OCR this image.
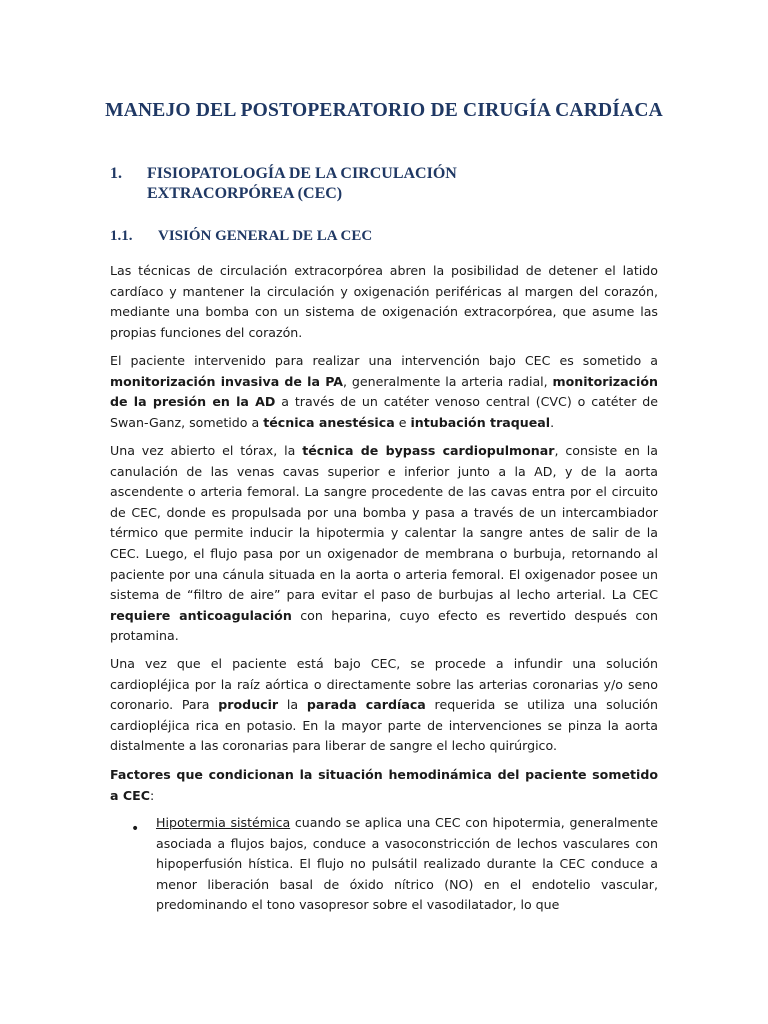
MANEJO DEL POSTOPERATORIO DE CIRUGÍA CARDÍACA
1. FISIOPATOLOGÍA DE LA CIRCULACIÓN EXTRACORPÓREA (CEC)
1.1. VISIÓN GENERAL DE LA CEC
Las técnicas de circulación extracorpórea abren la posibilidad de detener el latido cardíaco y mantener la circulación y oxigenación periféricas al margen del corazón, mediante una bomba con un sistema de oxigenación extracorpórea, que asume las propias funciones del corazón.
El paciente intervenido para realizar una intervención bajo CEC es sometido a monitorización invasiva de la PA, generalmente la arteria radial, monitorización de la presión en la AD a través de un catéter venoso central (CVC) o catéter de Swan-Ganz, sometido a técnica anestésica e intubación traqueal.
Una vez abierto el tórax, la técnica de bypass cardiopulmonar, consiste en la canulación de las venas cavas superior e inferior junto a la AD, y de la aorta ascendente o arteria femoral. La sangre procedente de las cavas entra por el circuito de CEC, donde es propulsada por una bomba y pasa a través de un intercambiador térmico que permite inducir la hipotermia y calentar la sangre antes de salir de la CEC. Luego, el flujo pasa por un oxigenador de membrana o burbuja, retornando al paciente por una cánula situada en la aorta o arteria femoral. El oxigenador posee un sistema de “filtro de aire” para evitar el paso de burbujas al lecho arterial. La CEC requiere anticoagulación con heparina, cuyo efecto es revertido después con protamina.
Una vez que el paciente está bajo CEC, se procede a infundir una solución cardiopléjica por la raíz aórtica o directamente sobre las arterias coronarias y/o seno coronario. Para producir la parada cardíaca requerida se utiliza una solución cardiopléjica rica en potasio. En la mayor parte de intervenciones se pinza la aorta distalmente a las coronarias para liberar de sangre el lecho quirúrgico.
Factores que condicionan la situación hemodinámica del paciente sometido a CEC:
•	Hipotermia sistémica cuando se aplica una CEC con hipotermia, generalmente asociada a flujos bajos, conduce a vasoconstricción de lechos vasculares con hipoperfusión hística. El flujo no pulsátil realizado durante la CEC conduce a menor liberación basal de óxido nítrico (NO) en el endotelio vascular, predominando el tono vasopresor sobre el vasodilatador, lo que
